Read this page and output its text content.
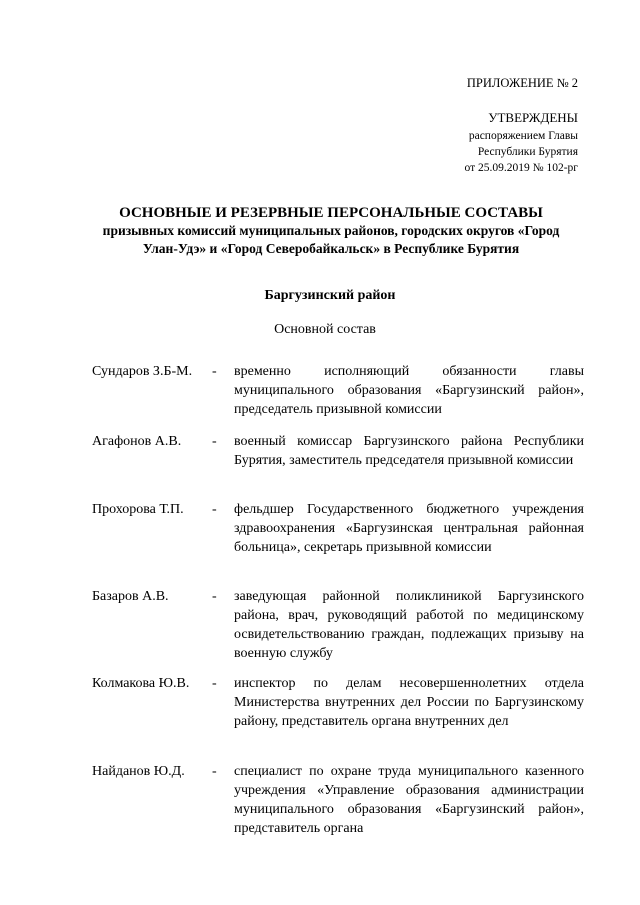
ПРИЛОЖЕНИЕ № 2
УТВЕРЖДЕНЫ
распоряжением Главы
Республики Бурятия
от 25.09.2019 № 102-рг
ОСНОВНЫЕ И РЕЗЕРВНЫЕ ПЕРСОНАЛЬНЫЕ СОСТАВЫ
призывных комиссий муниципальных районов, городских округов «Город Улан-Удэ» и «Город Северобайкальск» в Республике Бурятия
Баргузинский район
Основной состав
Сундаров З.Б-М. - временно исполняющий обязанности главы муниципального образования «Баргузинский район», председатель призывной комиссии
Агафонов А.В. - военный комиссар Баргузинского района Республики Бурятия, заместитель председателя призывной комиссии
Прохорова Т.П. - фельдшер Государственного бюджетного учреждения здравоохранения «Баргузинская центральная районная больница», секретарь призывной комиссии
Базаров А.В.	- заведующая районной поликлиникой Баргузинского района, врач, руководящий работой по медицинскому освидетельствованию граждан, подлежащих призыву на военную службу
Колмакова Ю.В. - инспектор по делам несовершеннолетних отдела Министерства внутренних дел России по Баргузинскому району, представитель органа внутренних дел
Найданов Ю.Д. - специалист по охране труда муниципального казенного учреждения «Управление образования администрации муниципального образования «Баргузинский район», представитель органа
